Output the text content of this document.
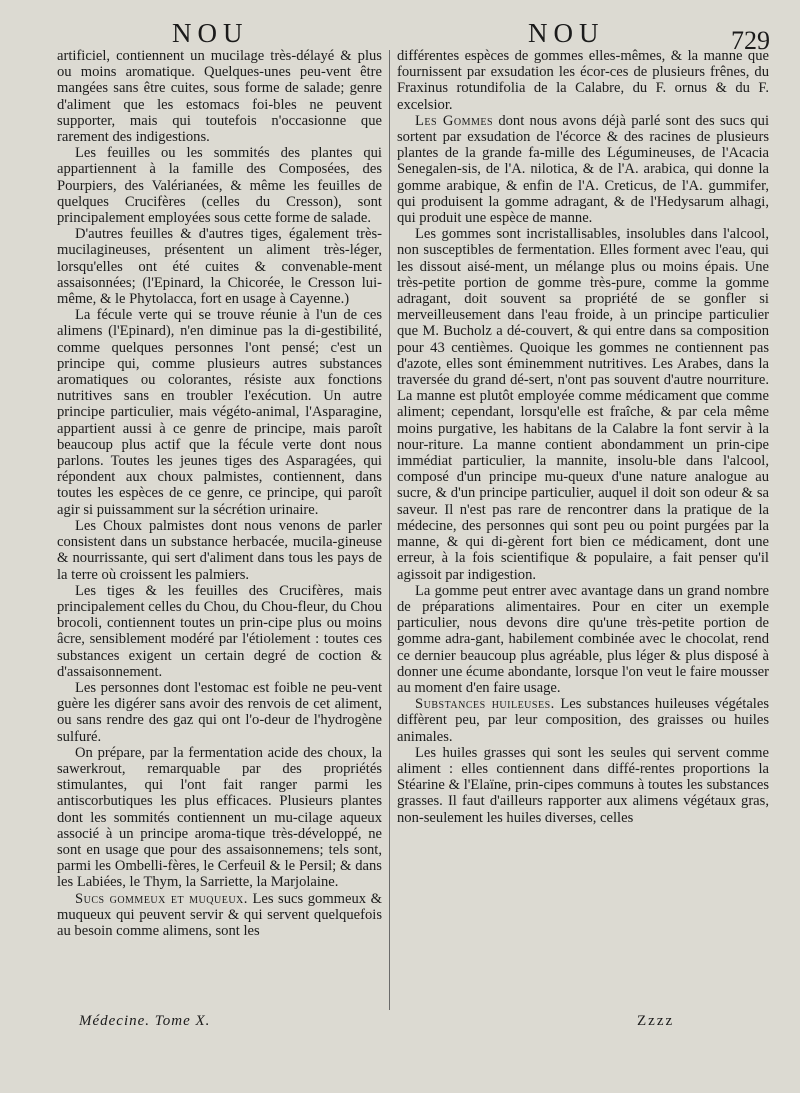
NOU	NOU	729

artificiel, contiennent un mucilage très-délayé & plus ou moins aromatique. Quelques-unes peu-vent être mangées sans être cuites, sous forme de salade; genre d'aliment que les estomacs foi-bles ne peuvent supporter, mais qui toutefois n'occasionne que rarement des indigestions.

Les feuilles ou les sommités des plantes qui appartiennent à la famille des Composées, des Pourpiers, des Valérianées, & même les feuilles de quelques Crucifères (celles du Cresson), sont principalement employées sous cette forme de salade.

D'autres feuilles & d'autres tiges, également très-mucilagineuses, présentent un aliment très-léger, lorsqu'elles ont été cuites & convenable-ment assaisonnées; (l'Epinard, la Chicorée, le Cresson lui-même, & le Phytolacca, fort en usage à Cayenne.)

La fécule verte qui se trouve réunie à l'un de ces alimens (l'Epinard), n'en diminue pas la di-gestibilité, comme quelques personnes l'ont pensé; c'est un principe qui, comme plusieurs autres substances aromatiques ou colorantes, résiste aux fonctions nutritives sans en troubler l'exécution. Un autre principe particulier, mais végéto-animal, l'Asparagine, appartient aussi à ce genre de principe, mais paroît beaucoup plus actif que la fécule verte dont nous parlons. Toutes les jeunes tiges des Asparagées, qui répondent aux choux palmistes, contiennent, dans toutes les espèces de ce genre, ce principe, qui paroît agir si puissamment sur la sécrétion urinaire.

Les Choux palmistes dont nous venons de parler consistent dans un substance herbacée, mucila-gineuse & nourrissante, qui sert d'aliment dans tous les pays de la terre où croissent les palmiers.

Les tiges & les feuilles des Crucifères, mais principalement celles du Chou, du Chou-fleur, du Chou brocoli, contiennent toutes un prin-cipe plus ou moins âcre, sensiblement modéré par l'étiolement : toutes ces substances exigent un certain degré de coction & d'assaisonnement.

Les personnes dont l'estomac est foible ne peu-vent guère les digérer sans avoir des renvois de cet aliment, ou sans rendre des gaz qui ont l'o-deur de l'hydrogène sulfuré.

On prépare, par la fermentation acide des choux, la sawerkrout, remarquable par des propriétés stimulantes, qui l'ont fait ranger parmi les antiscorbutiques les plus efficaces. Plusieurs plantes dont les sommités contiennent un mu-cilage aqueux associé à un principe aroma-tique très-développé, ne sont en usage que pour des assaisonnemens; tels sont, parmi les Ombelli-fères, le Cerfeuil & le Persil; & dans les Labiées, le Thym, la Sarriette, la Marjolaine.

Sucs gommeux et muqueux. Les sucs gommeux & muqueux qui peuvent servir & qui servent quelquefois au besoin comme alimens, sont les

différentes espèces de gommes elles-mêmes, & la manne que fournissent par exsudation les écor-ces de plusieurs frênes, du Fraxinus rotundifolia de la Calabre, du F. ornus & du F. excelsior.

Les Gommes dont nous avons déjà parlé sont des sucs qui sortent par exsudation de l'écorce & des racines de plusieurs plantes de la grande fa-mille des Légumineuses, de l'Acacia Senegalen-sis, de l'A. nilotica, & de l'A. arabica, qui donne la gomme arabique, & enfin de l'A. Creticus, de l'A. gummifer, qui produisent la gomme adragant, & de l'Hedysarum alhagi, qui produit une espèce de manne.

Les gommes sont incristallisables, insolubles dans l'alcool, non susceptibles de fermentation. Elles forment avec l'eau, qui les dissout aisé-ment, un mélange plus ou moins épais. Une très-petite portion de gomme très-pure, comme la gomme adragant, doit souvent sa propriété de se gonfler si merveilleusement dans l'eau froide, à un principe particulier que M. Bucholz a dé-couvert, & qui entre dans sa composition pour 43 centièmes. Quoique les gommes ne contiennent pas d'azote, elles sont éminemment nutritives. Les Arabes, dans la traversée du grand dé-sert, n'ont pas souvent d'autre nourriture. La manne est plutôt employée comme médicament que comme aliment; cependant, lorsqu'elle est fraîche, & par cela même moins purgative, les habitans de la Calabre la font servir à la nour-riture. La manne contient abondamment un prin-cipe immédiat particulier, la mannite, insolu-ble dans l'alcool, composé d'un principe mu-queux d'une nature analogue au sucre, & d'un principe particulier, auquel il doit son odeur & sa saveur. Il n'est pas rare de rencontrer dans la pratique de la médecine, des personnes qui sont peu ou point purgées par la manne, & qui di-gèrent fort bien ce médicament, dont une erreur, à la fois scientifique & populaire, a fait penser qu'il agissoit par indigestion.

La gomme peut entrer avec avantage dans un grand nombre de préparations alimentaires. Pour en citer un exemple particulier, nous devons dire qu'une très-petite portion de gomme adra-gant, habilement combinée avec le chocolat, rend ce dernier beaucoup plus agréable, plus léger & plus disposé à donner une écume abondante, lorsque l'on veut le faire mousser au moment d'en faire usage.

Substances huileuses. Les substances huileuses végétales diffèrent peu, par leur composition, des graisses ou huiles animales.

Les huiles grasses qui sont les seules qui servent comme aliment : elles contiennent dans diffé-rentes proportions la Stéarine & l'Elaïne, prin-cipes communs à toutes les substances grasses. Il faut d'ailleurs rapporter aux alimens végétaux gras, non-seulement les huiles diverses, celles

Médecine. Tome X.	Zzzz
